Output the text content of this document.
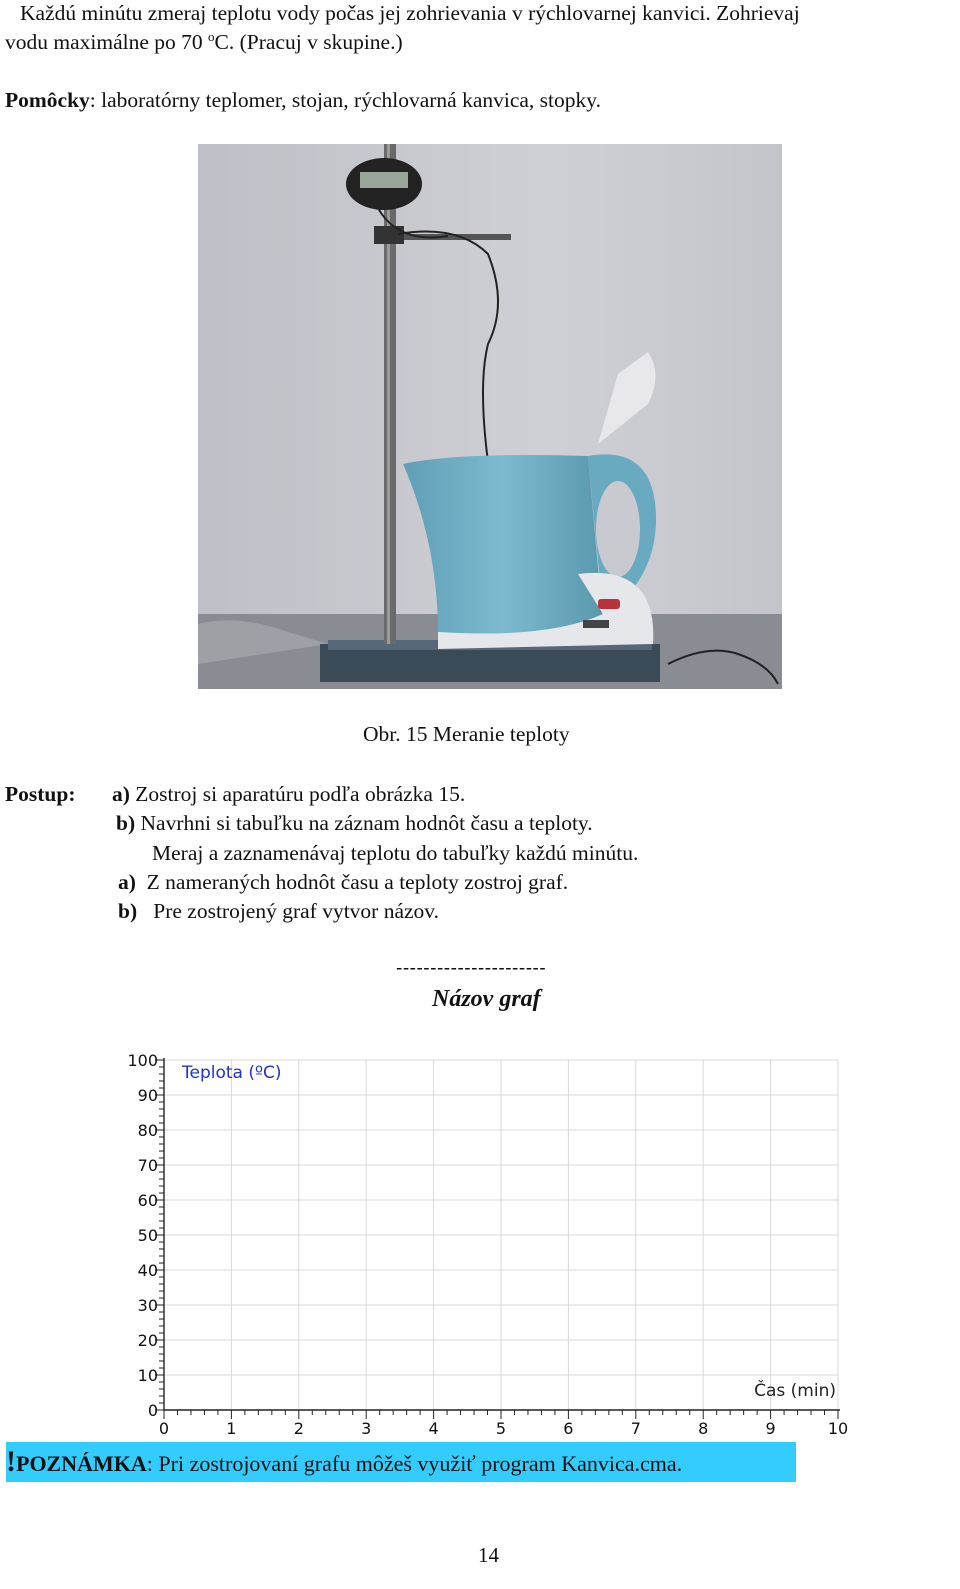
Každú minútu zmeraj teplotu vody počas jej zohrievania v rýchlovarnej kanvici. Zohrievaj
vodu maximálne po 70 $^o$C. (Pracuj v skupine.)
Pomôcky: laboratórny teplomer, stojan, rýchlovarná kanvica, stopky.
Obr. 15 Meranie teploty
Postup: a) Zostroj si aparatúru podľa obrázka 15.
b) Navrhni si tabuľku na záznam hodnôt času a teploty.
Meraj a zaznamenávaj teplotu do tabuľky každú minútu.
a) Z nameraných hodnôt času a teploty zostroj graf.
b) Pre zostrojený graf vytvor názov.
----------------------
Názov graf
0	1	2	3	4	5	6	7	8	9	10
0
10
20
30
40
50
60
70
80
90
100
Teplota (ºC)
Čas (min)
!POZNÁMKA: Pri zostrojovaní grafu môžeš využiť program Kanvica.cma.
14
